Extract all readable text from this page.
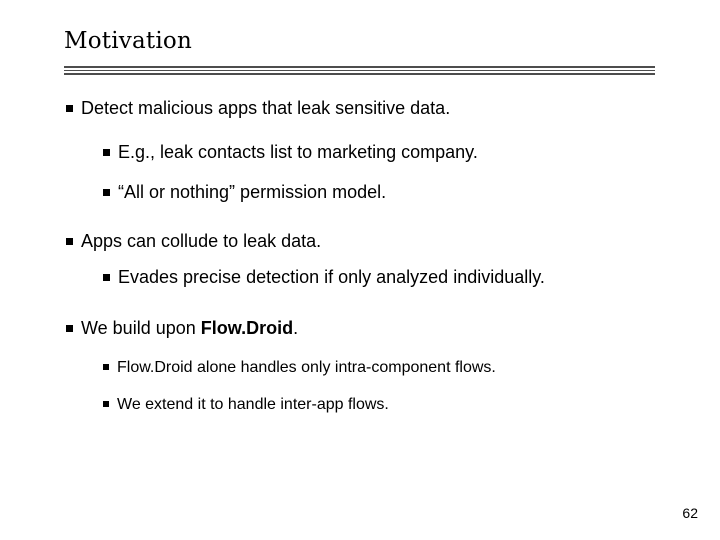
Motivation
Detect malicious apps that leak sensitive data.
E.g., leak contacts list to marketing company.
“All or nothing” permission model.
Apps can collude to leak data.
Evades precise detection if only analyzed individually.
We build upon Flow.Droid.
Flow.Droid alone handles only intra-component flows.
We extend it to handle inter-app flows.
62
